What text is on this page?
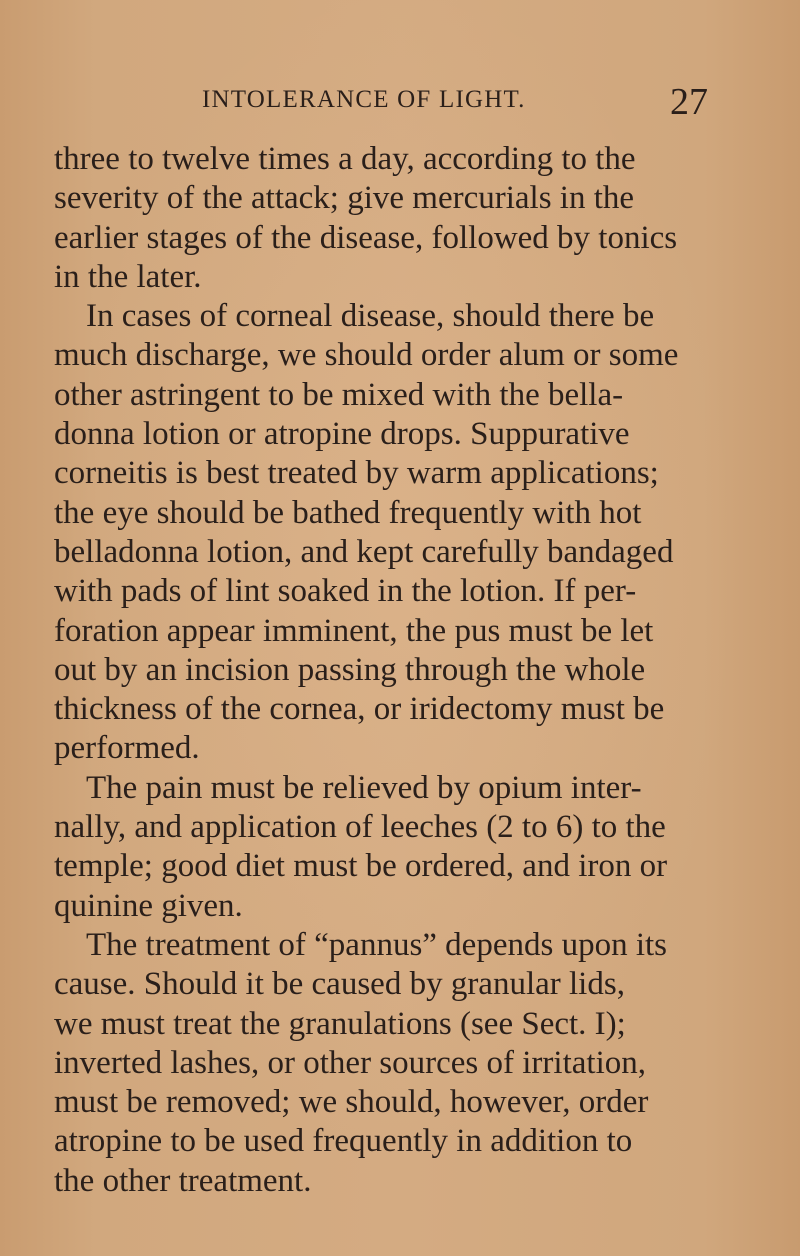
INTOLERANCE OF LIGHT.	27
three to twelve times a day, according to the
severity of the attack; give mercurials in the
earlier stages of the disease, followed by tonics
in the later.
In cases of corneal disease, should there be
much discharge, we should order alum or some
other astringent to be mixed with the bella-
donna lotion or atropine drops. Suppurative
corneitis is best treated by warm applications;
the eye should be bathed frequently with hot
belladonna lotion, and kept carefully bandaged
with pads of lint soaked in the lotion. If per-
foration appear imminent, the pus must be let
out by an incision passing through the whole
thickness of the cornea, or iridectomy must be
performed.
The pain must be relieved by opium inter-
nally, and application of leeches (2 to 6) to the
temple; good diet must be ordered, and iron or
quinine given.
The treatment of “pannus” depends upon its
cause. Should it be caused by granular lids,
we must treat the granulations (see Sect. I);
inverted lashes, or other sources of irritation,
must be removed; we should, however, order
atropine to be used frequently in addition to
the other treatment.
